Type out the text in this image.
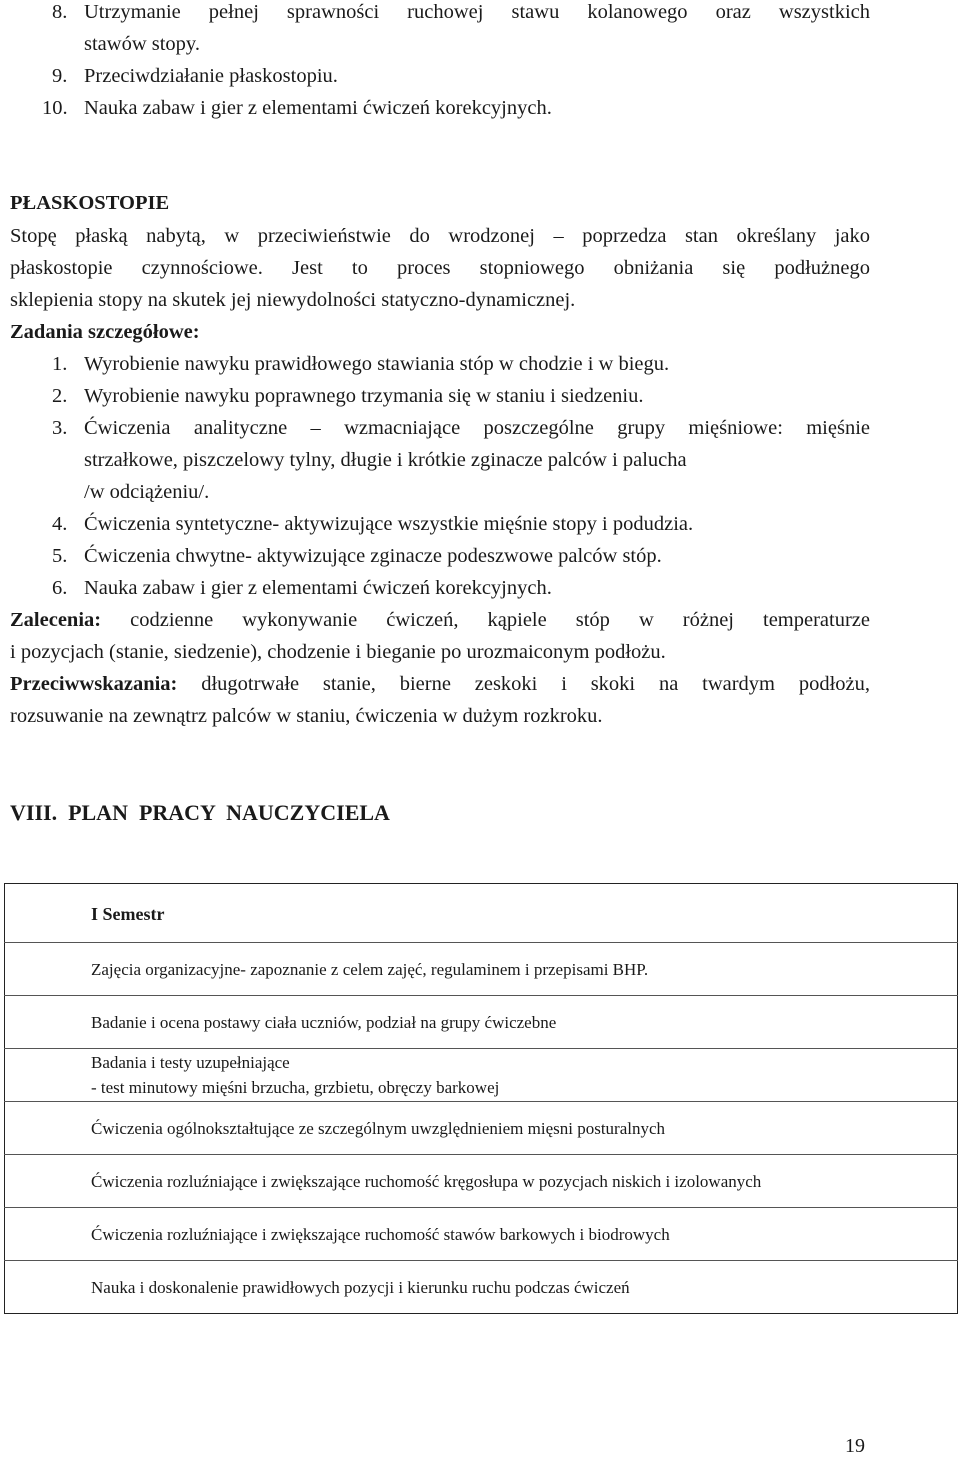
8. Utrzymanie pełnej sprawności ruchowej stawu kolanowego oraz wszystkich
stawów stopy.
9. Przeciwdziałanie płaskostopiu.
10. Nauka zabaw i gier z elementami ćwiczeń korekcyjnych.
PŁASKOSTOPIE
Stopę płaską nabytą, w przeciwieństwie do wrodzonej – poprzedza stan określany jako
płaskostopie czynnościowe. Jest to proces stopniowego obniżania się podłużnego
sklepienia stopy na skutek jej niewydolności statyczno-dynamicznej.
Zadania szczegółowe:
1. Wyrobienie nawyku prawidłowego stawiania stóp w chodzie i w biegu.
2. Wyrobienie nawyku poprawnego trzymania się w staniu i siedzeniu.
3. Ćwiczenia analityczne – wzmacniające poszczególne grupy mięśniowe: mięśnie
strzałkowe, piszczelowy tylny, długie i krótkie zginacze palców i palucha
/w odciążeniu/.
4. Ćwiczenia syntetyczne- aktywizujące wszystkie mięśnie stopy i podudzia.
5. Ćwiczenia chwytne- aktywizujące zginacze podeszwowe palców stóp.
6. Nauka zabaw i gier z elementami ćwiczeń korekcyjnych.
Zalecenia: codzienne wykonywanie ćwiczeń, kąpiele stóp w różnej temperaturze
i pozycjach (stanie, siedzenie), chodzenie i bieganie po urozmaiconym podłożu.
Przeciwwskazania: długotrwałe stanie, bierne zeskoki i skoki na twardym podłożu,
rozsuwanie na zewnątrz palców w staniu, ćwiczenia w dużym rozkroku.
VIII.  PLAN  PRACY  NAUCZYCIELA
I Semestr
Zajęcia organizacyjne- zapoznanie z celem zajęć, regulaminem i przepisami BHP.
Badanie i ocena postawy ciała uczniów, podział na grupy ćwiczebne

Badania i testy uzupełniające
- test minutowy mięśni brzucha, grzbietu, obręczy barkowej

Ćwiczenia ogólnokształtujące ze szczególnym uwzględnieniem mięsni posturalnych
Ćwiczenia rozluźniające i zwiększające ruchomość kręgosłupa w pozycjach niskich i izolowanych
Ćwiczenia rozluźniające i zwiększające ruchomość stawów barkowych i biodrowych
Nauka i doskonalenie prawidłowych pozycji i kierunku ruchu podczas ćwiczeń
19
